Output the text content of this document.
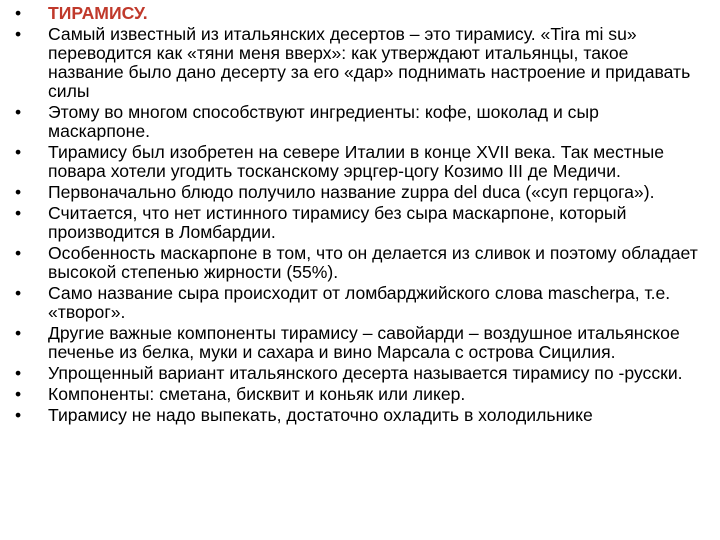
• ТИРАМИСУ.
• Самый известный из итальянских десертов – это тирамису. «Tira mi su» переводится как «тяни меня вверх»: как утверждают итальянцы, такое название было дано десерту за его «дар» поднимать настроение и придавать силы
• Этому во многом способствуют ингредиенты: кофе, шоколад и сыр маскарпоне.
• Тирамису был изобретен на севере Италии в конце XVII века. Так местные повара хотели угодить тосканскому эрцгер-цогу Козимо III де Медичи.
• Первоначально блюдо получило название zuppa del duca («суп герцога»).
• Считается, что нет истинного тирамису без сыра маскарпоне, который производится в Ломбардии.
• Особенность маскарпоне в том, что он делается из сливок и поэтому обладает высокой степенью жирности (55%).
• Само название сыра происходит от ломбарджийского слова mascherpa, т.е. «творог».
• Другие важные компоненты тирамису – савойарди – воздушное итальянское печенье из белка, муки и сахара и вино Марсала с острова Сицилия.
• Упрощенный вариант итальянского десерта называется тирамису по -русски.
• Компоненты: сметана, бисквит и коньяк или ликер.
• Тирамису не надо выпекать, достаточно охладить в холодильнике
